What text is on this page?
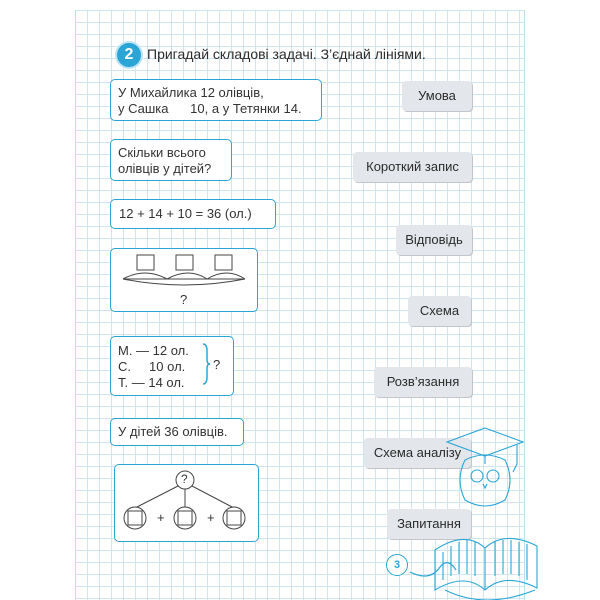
2 Пригадай складові задачі. З’єднай лініями.

У Михайлика 12 олівців,

у Сашка      10, а у Тетянки 14.

Скільки всього

олівців у дітей?

12 + 14 + 10 = 36 (ол.)

?

М. — 12 ол.

С.     10 ол.

Т. — 14 ол.

?

У дітей 36 олівців.

?
+	+
Умова
Короткий запис
Відповідь
Схема
Розв’язання
Схема аналізу
Запитання
3
